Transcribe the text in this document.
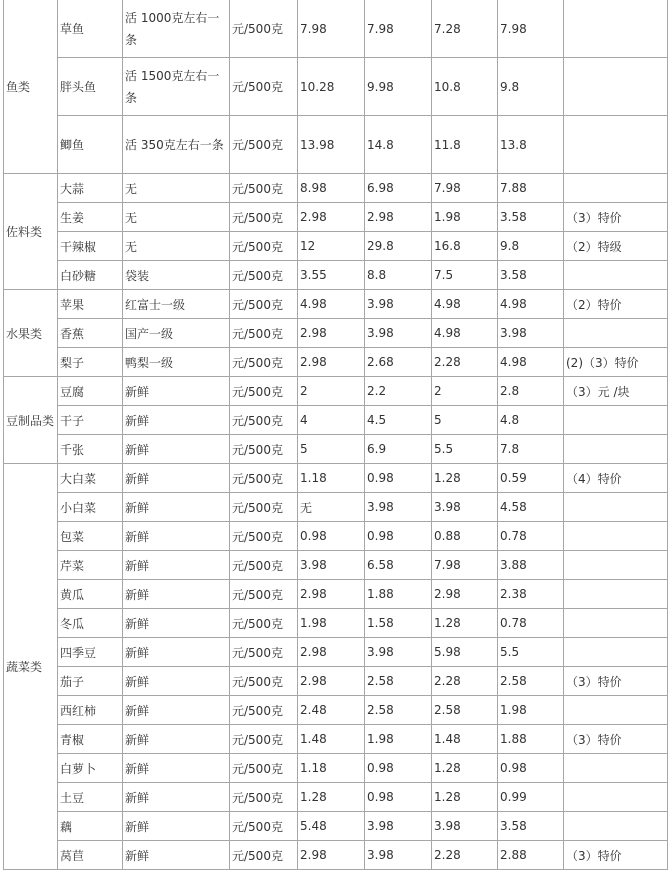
鱼类	草鱼	活 1000克左右一条	元/500克	7.98	7.98	7.28	7.98	
	胖头鱼	活 1500克左右一条	元/500克	10.28	9.98	10.8	9.8	
	鲫鱼	活 350克左右一条	元/500克	13.98	14.8	11.8	13.8	
佐料类	大蒜	无	元/500克	8.98	6.98	7.98	7.88	
	生姜	无	元/500克	2.98	2.98	1.98	3.58	（3）特价
	干辣椒	无	元/500克	12	29.8	16.8	9.8	（2）特级
	白砂糖	袋装	元/500克	3.55	8.8	7.5	3.58	
水果类	苹果	红富士一级	元/500克	4.98	3.98	4.98	4.98	（2）特价
	香蕉	国产一级	元/500克	2.98	3.98	4.98	3.98	
	梨子	鸭梨一级	元/500克	2.98	2.68	2.28	4.98	(2)（3）特价
豆制品类	豆腐	新鲜	元/500克	2	2.2	2	2.8	（3）元 /块
	干子	新鲜	元/500克	4	4.5	5	4.8	
	千张	新鲜	元/500克	5	6.9	5.5	7.8	
蔬菜类	大白菜	新鲜	元/500克	1.18	0.98	1.28	0.59	（4）特价
	小白菜	新鲜	元/500克	无	3.98	3.98	4.58	
	包菜	新鲜	元/500克	0.98	0.98	0.88	0.78	
	芹菜	新鲜	元/500克	3.98	6.58	7.98	3.88	
	黄瓜	新鲜	元/500克	2.98	1.88	2.98	2.38	
	冬瓜	新鲜	元/500克	1.98	1.58	1.28	0.78	
	四季豆	新鲜	元/500克	2.98	3.98	5.98	5.5	
	茄子	新鲜	元/500克	2.98	2.58	2.28	2.58	（3）特价
	西红柿	新鲜	元/500克	2.48	2.58	2.58	1.98	
	青椒	新鲜	元/500克	1.48	1.98	1.48	1.88	（3）特价
	白萝卜	新鲜	元/500克	1.18	0.98	1.28	0.98	
	土豆	新鲜	元/500克	1.28	0.98	1.28	0.99	
	藕	新鲜	元/500克	5.48	3.98	3.98	3.58	
	莴苣	新鲜	元/500克	2.98	3.98	2.28	2.88	（3）特价
